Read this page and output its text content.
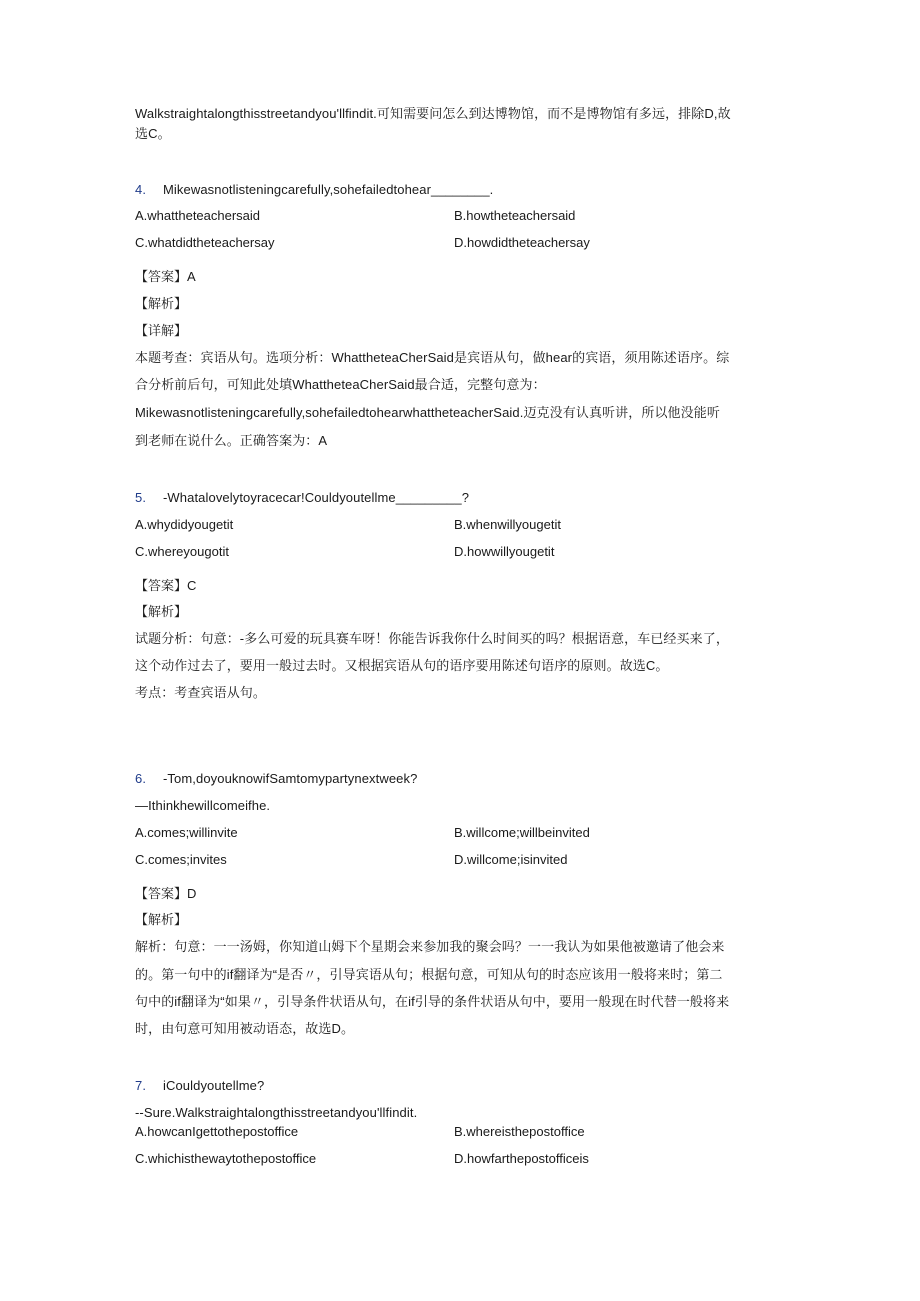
Walkstraightalongthisstreetandyou'llfindit.可知需要问怎么到达博物馆，而不是博物馆有多远，排除D,故
选C。
4. Mikewasnotlisteningcarefully,sohefailedtohear________.
A.whattheteachersaid	B.howtheteachersaid
C.whatdidtheteachersay	D.howdidtheteachersay
【答案】A
【解析】
【详解】
本题考查：宾语从句。选项分析：WhattheteaCherSaid是宾语从句，做hear的宾语，须用陈述语序。综
合分析前后句，可知此处填WhattheteaCherSaid最合适，完整句意为：
Mikewasnotlisteningcarefully,sohefailedtohearwhattheteacherSaid.迈克没有认真听讲，所以他没能听
到老师在说什么。正确答案为：A
5. -Whatalovelytoyracecar!Couldyoutellme_________?
A.whydidyougetit	B.whenwillyougetit
C.whereyougotit	D.howwillyougetit
【答案】C
【解析】
试题分析：句意：-多么可爱的玩具赛车呀！你能告诉我你什么时间买的吗？根据语意，车已经买来了，
这个动作过去了，要用一般过去时。又根据宾语从句的语序要用陈述句语序的原则。故选C。
考点：考查宾语从句。
6. -Tom,doyouknowifSamtomypartynextweek?
—Ithinkhewillcomeifhe.
A.comes;willinvite	B.willcome;willbeinvited
C.comes;invites	D.willcome;isinvited
【答案】D
【解析】
解析：句意：一一汤姆，你知道山姆下个星期会来参加我的聚会吗？一一我认为如果他被邀请了他会来
的。第一句中的if翻译为“是否〃，引导宾语从句；根据句意，可知从句的时态应该用一般将来时；第二
句中的if翻译为“如果〃，引导条件状语从句，在if引导的条件状语从句中，要用一般现在时代替一般将来
时，由句意可知用被动语态，故选D。
7. iCouldyoutellme?
--Sure.Walkstraightalongthisstreetandyou'llfindit.
A.howcanIgettothepostoffice	B.whereisthepostoffice
C.whichisthewaytothepostoffice	D.howfarthepostofficeis
